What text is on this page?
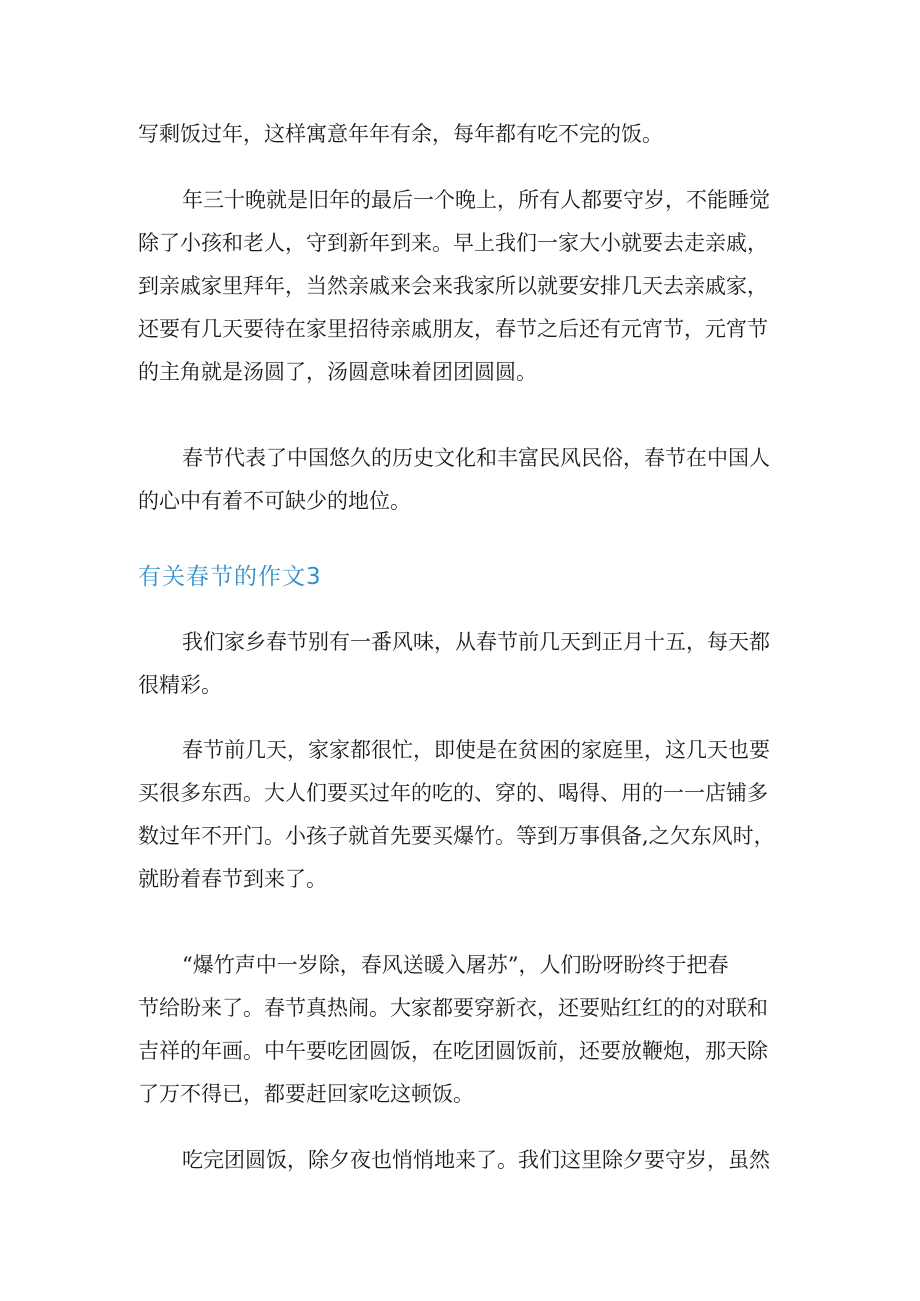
写剩饭过年，这样寓意年年有余，每年都有吃不完的饭。

年三十晚就是旧年的最后一个晚上，所有人都要守岁，不能睡觉
除了小孩和老人，守到新年到来。早上我们一家大小就要去走亲戚，
到亲戚家里拜年，当然亲戚来会来我家所以就要安排几天去亲戚家，
还要有几天要待在家里招待亲戚朋友，春节之后还有元宵节，元宵节
的主角就是汤圆了，汤圆意味着团团圆圆。

春节代表了中国悠久的历史文化和丰富民风民俗，春节在中国人
的心中有着不可缺少的地位。

有关春节的作文3

我们家乡春节别有一番风味，从春节前几天到正月十五，每天都
很精彩。

春节前几天，家家都很忙，即使是在贫困的家庭里，这几天也要
买很多东西。大人们要买过年的吃的、穿的、喝得、用的一一店铺多
数过年不开门。小孩子就首先要买爆竹。等到万事俱备,之欠东风时，
就盼着春节到来了。

“爆竹声中一岁除，春风送暖入屠苏”，人们盼呀盼终于把春
节给盼来了。春节真热闹。大家都要穿新衣，还要贴红红的的对联和
吉祥的年画。中午要吃团圆饭，在吃团圆饭前，还要放鞭炮，那天除
了万不得已，都要赶回家吃这顿饭。

吃完团圆饭，除夕夜也悄悄地来了。我们这里除夕要守岁，虽然
